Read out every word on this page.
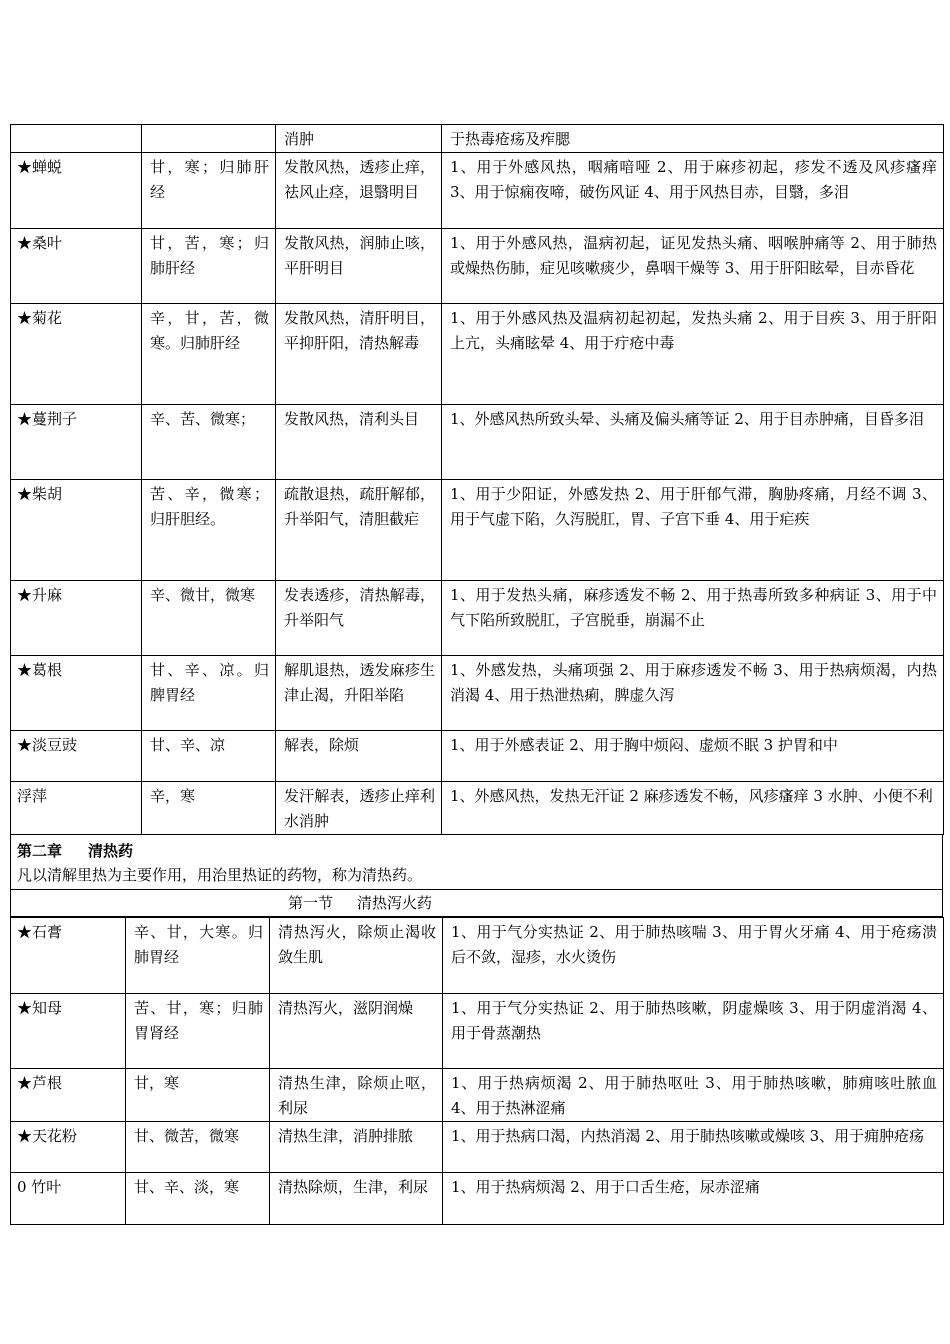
		消肿	于热毒疮疡及痄腮
★蝉蜕	甘，寒；归肺肝经	发散风热，透疹止痒，祛风止痉，退翳明目	1、用于外感风热，咽痛喑哑 2、用于麻疹初起，疹发不透及风疹瘙痒 3、用于惊痫夜啼，破伤风证 4、用于风热目赤，目翳，多泪
★桑叶	甘，苦，寒；归肺肝经	发散风热，润肺止咳，平肝明目	1、用于外感风热，温病初起，证见发热头痛、咽喉肿痛等 2、用于肺热或燥热伤肺，症见咳嗽痰少，鼻咽干燥等 3、用于肝阳眩晕，目赤昏花
★菊花	辛，甘，苦，微寒。归肺肝经	发散风热，清肝明目，平抑肝阳，清热解毒	1、用于外感风热及温病初起初起，发热头痛 2、用于目疾 3、用于肝阳上亢，头痛眩晕 4、用于疔疮中毒
★蔓荆子	辛、苦、微寒；	发散风热，清利头目	1、外感风热所致头晕、头痛及偏头痛等证 2、用于目赤肿痛，目昏多泪
★柴胡	苦、辛，微寒；归肝胆经。	疏散退热，疏肝解郁，升举阳气，清胆截疟	1、用于少阳证，外感发热 2、用于肝郁气滞，胸胁疼痛，月经不调 3、用于气虚下陷，久泻脱肛，胃、子宫下垂 4、用于疟疾
★升麻	辛、微甘，微寒	发表透疹，清热解毒，升举阳气	1、用于发热头痛，麻疹透发不畅 2、用于热毒所致多种病证 3、用于中气下陷所致脱肛，子宫脱垂，崩漏不止
★葛根	甘、辛、凉。归脾胃经	解肌退热，透发麻疹生津止渴，升阳举陷	1、外感发热，头痛项强 2、用于麻疹透发不畅 3、用于热病烦渴，内热消渴 4、用于热泄热痢，脾虚久泻
★淡豆豉	甘、辛、凉	解表，除烦	1、用于外感表证 2、用于胸中烦闷、虚烦不眠 3 护胃和中
浮萍	辛，寒	发汗解表，透疹止痒利水消肿	1、外感风热，发热无汗证 2 麻疹透发不畅，风疹瘙痒 3 水肿、小便不利
第二章 清热药
凡以清解里热为主要作用，用治里热证的药物，称为清热药。
第一节 清热泻火药
★石膏	辛、甘，大寒。归肺胃经	清热泻火，除烦止渴收敛生肌	1、用于气分实热证 2、用于肺热咳喘 3、用于胃火牙痛 4、用于疮疡溃后不敛，湿疹，水火烫伤
★知母	苦、甘，寒；归肺胃肾经	清热泻火，滋阴润燥	1、用于气分实热证 2、用于肺热咳嗽，阴虚燥咳 3、用于阴虚消渴 4、用于骨蒸潮热
★芦根	甘，寒	清热生津，除烦止呕，利尿	1、用于热病烦渴 2、用于肺热呕吐 3、用于肺热咳嗽，肺痈咳吐脓血 4、用于热淋涩痛
★天花粉	甘、微苦，微寒	清热生津，消肿排脓	1、用于热病口渴，内热消渴 2、用于肺热咳嗽或燥咳 3、用于痈肿疮疡
0 竹叶	甘、辛、淡，寒	清热除烦，生津，利尿	1、用于热病烦渴 2、用于口舌生疮，尿赤涩痛
